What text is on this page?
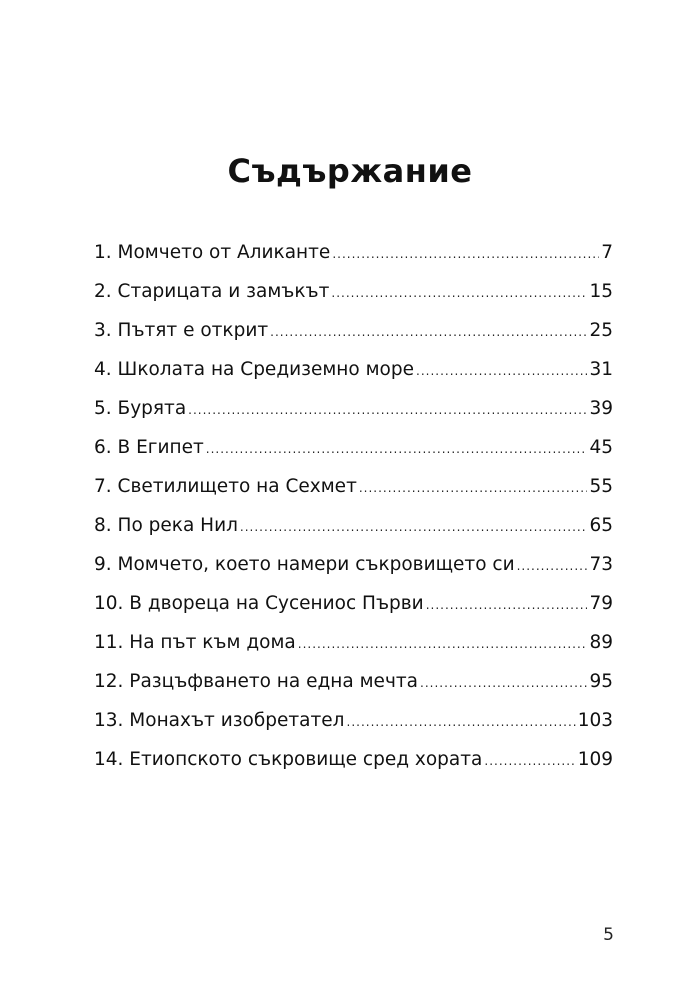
Съдържание
1. Момчето от Аликанте .....	7
2. Старицата и замъкът .....	15
3. Пътят е открит .....	25
4. Школата на Средиземно море .....	31
5. Бурята .....	39
6. В Египет .....	45
7. Светилището на Сехмет .....	55
8. По река Нил .....	65
9. Момчето, което намери съкровището си .....	73
10. В двореца на Сусениос Първи .....	79
11. На път към дома .....	89
12. Разцъфването на една мечта .....	95
13. Монахът изобретател .....	103
14. Етиопското съкровище сред хората .....	109
5
